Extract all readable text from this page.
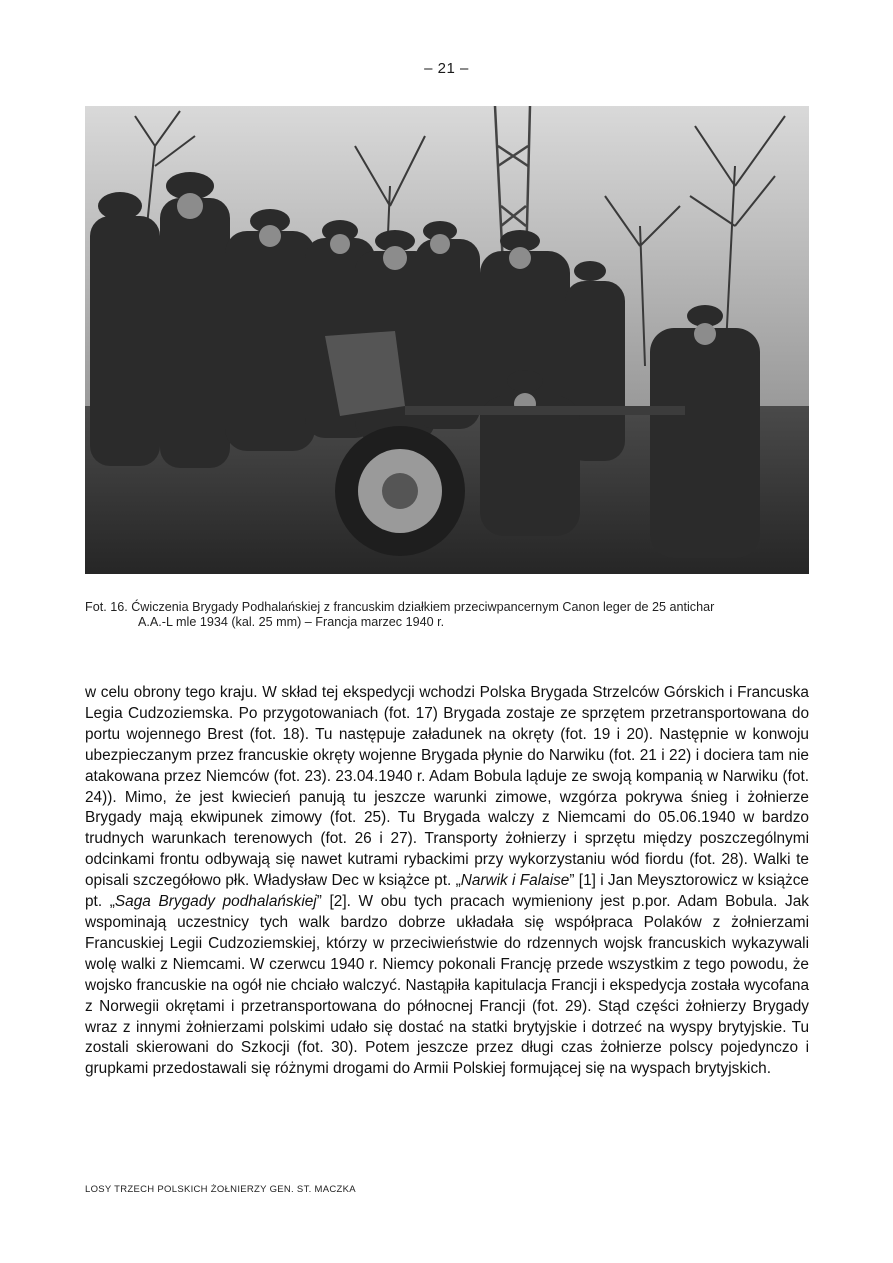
– 21 –
Fot. 16. Ćwiczenia Brygady Podhalańskiej z francuskim działkiem przeciwpancernym Canon leger de 25 antichar
A.A.-L mle 1934 (kal. 25 mm) – Francja marzec 1940 r.

w celu obrony tego kraju. W skład tej ekspedycji wchodzi Polska Brygada Strzelców Górskich i Francuska Legia Cudzoziemska. Po przygotowaniach (fot. 17) Brygada zostaje ze sprzętem przetransportowana do portu wojennego Brest (fot. 18). Tu następuje załadunek na okręty (fot. 19 i 20). Następnie w konwoju ubezpieczanym przez francuskie okręty wojenne Brygada płynie do Narwiku (fot. 21 i 22) i dociera tam nie atakowana przez Niemców (fot. 23). 23.04.1940 r. Adam Bobula ląduje ze swoją kompanią w Narwiku (fot. 24)). Mimo, że jest kwiecień panują tu jeszcze warunki zimowe, wzgórza pokrywa śnieg i żołnierze Brygady mają ekwipunek zimowy (fot. 25). Tu Brygada walczy z Niemcami do 05.06.1940 w bardzo trudnych warunkach terenowych (fot. 26 i 27). Transporty żołnierzy i sprzętu między poszczególnymi odcinkami frontu odbywają się nawet kutrami rybackimi przy wykorzystaniu wód fiordu (fot. 28). Walki te opisali szczegółowo płk. Władysław Dec w książce pt. „Narwik i Falaise” [1] i Jan Meysztorowicz w książce pt. „Saga Brygady podhalańskiej” [2]. W obu tych pracach wymieniony jest p.por. Adam Bobula. Jak wspominają uczestnicy tych walk bardzo dobrze układała się współpraca Polaków z żołnierzami Francuskiej Legii Cudzoziemskiej, którzy w przeciwieństwie do rdzennych wojsk francuskich wykazywali wolę walki z Niemcami. W czerwcu 1940 r. Niemcy pokonali Francję przede wszystkim z tego powodu, że wojsko francuskie na ogół nie chciało walczyć. Nastąpiła kapitulacja Francji i ekspedycja została wycofana z Norwegii okrętami i przetransportowana do północnej Francji (fot. 29). Stąd części żołnierzy Brygady wraz z innymi żołnierzami polskimi udało się dostać na statki brytyjskie i dotrzeć na wyspy brytyjskie. Tu zostali skierowani do Szkocji (fot. 30). Potem jeszcze przez długi czas żołnierze polscy pojedynczo i grupkami przedostawali się różnymi drogami do Armii Polskiej formującej się na wyspach brytyjskich.

LOSY TRZECH POLSKICH ŻOŁNIERZY GEN. ST. MACZKA
